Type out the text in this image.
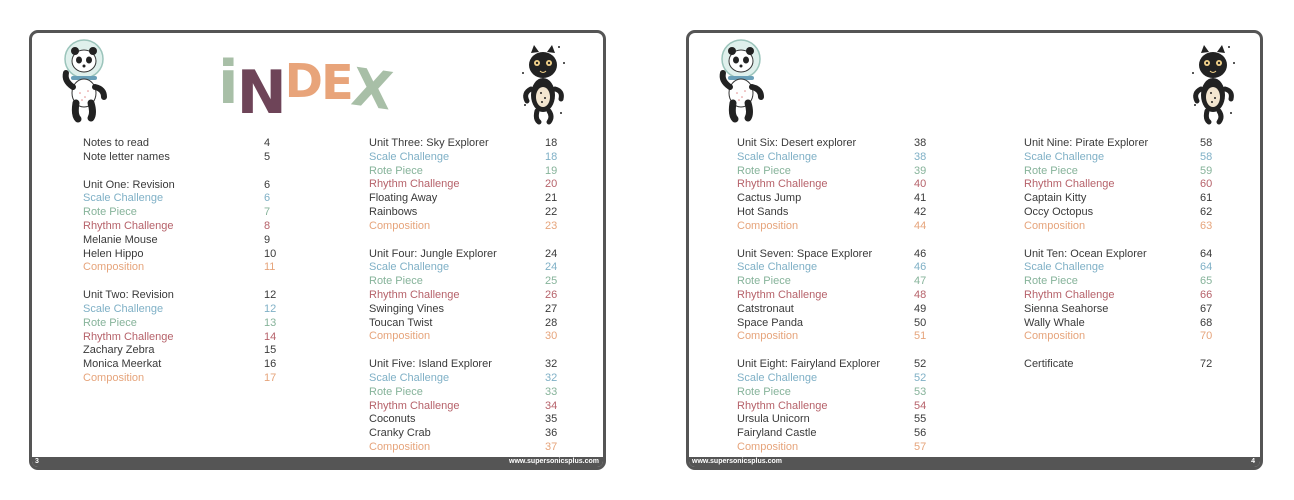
iNDEX
Notes to read	4
Note letter names	5
Unit One: Revision	6
Scale Challenge	6
Rote Piece	7
Rhythm Challenge	8
Melanie Mouse	9
Helen Hippo	10
Composition	11
Unit Two: Revision	12
Scale Challenge	12
Rote Piece	13
Rhythm Challenge	14
Zachary Zebra	15
Monica Meerkat	16
Composition	17
Unit Three: Sky Explorer	18
Scale Challenge	18
Rote Piece	19
Rhythm Challenge	20
Floating Away	21
Rainbows	22
Composition	23
Unit Four: Jungle Explorer	24
Scale Challenge	24
Rote Piece	25
Rhythm Challenge	26
Swinging Vines	27
Toucan Twist	28
Composition	30
Unit Five: Island Explorer	32
Scale Challenge	32
Rote Piece	33
Rhythm Challenge	34
Coconuts	35
Cranky Crab	36
Composition	37
3	www.supersonicsplus.com
Unit Six: Desert explorer	38
Scale Challenge	38
Rote Piece	39
Rhythm Challenge	40
Cactus Jump	41
Hot Sands	42
Composition	44
Unit Seven: Space Explorer	46
Scale Challenge	46
Rote Piece	47
Rhythm Challenge	48
Catstronaut	49
Space Panda	50
Composition	51
Unit Eight: Fairyland Explorer	52
Scale Challenge	52
Rote Piece	53
Rhythm Challenge	54
Ursula Unicorn	55
Fairyland Castle	56
Composition	57
Unit Nine: Pirate Explorer	58
Scale Challenge	58
Rote Piece	59
Rhythm Challenge	60
Captain Kitty	61
Occy Octopus	62
Composition	63
Unit Ten: Ocean Explorer	64
Scale Challenge	64
Rote Piece	65
Rhythm Challenge	66
Sienna Seahorse	67
Wally Whale	68
Composition	70
Certificate	72
www.supersonicsplus.com	4
